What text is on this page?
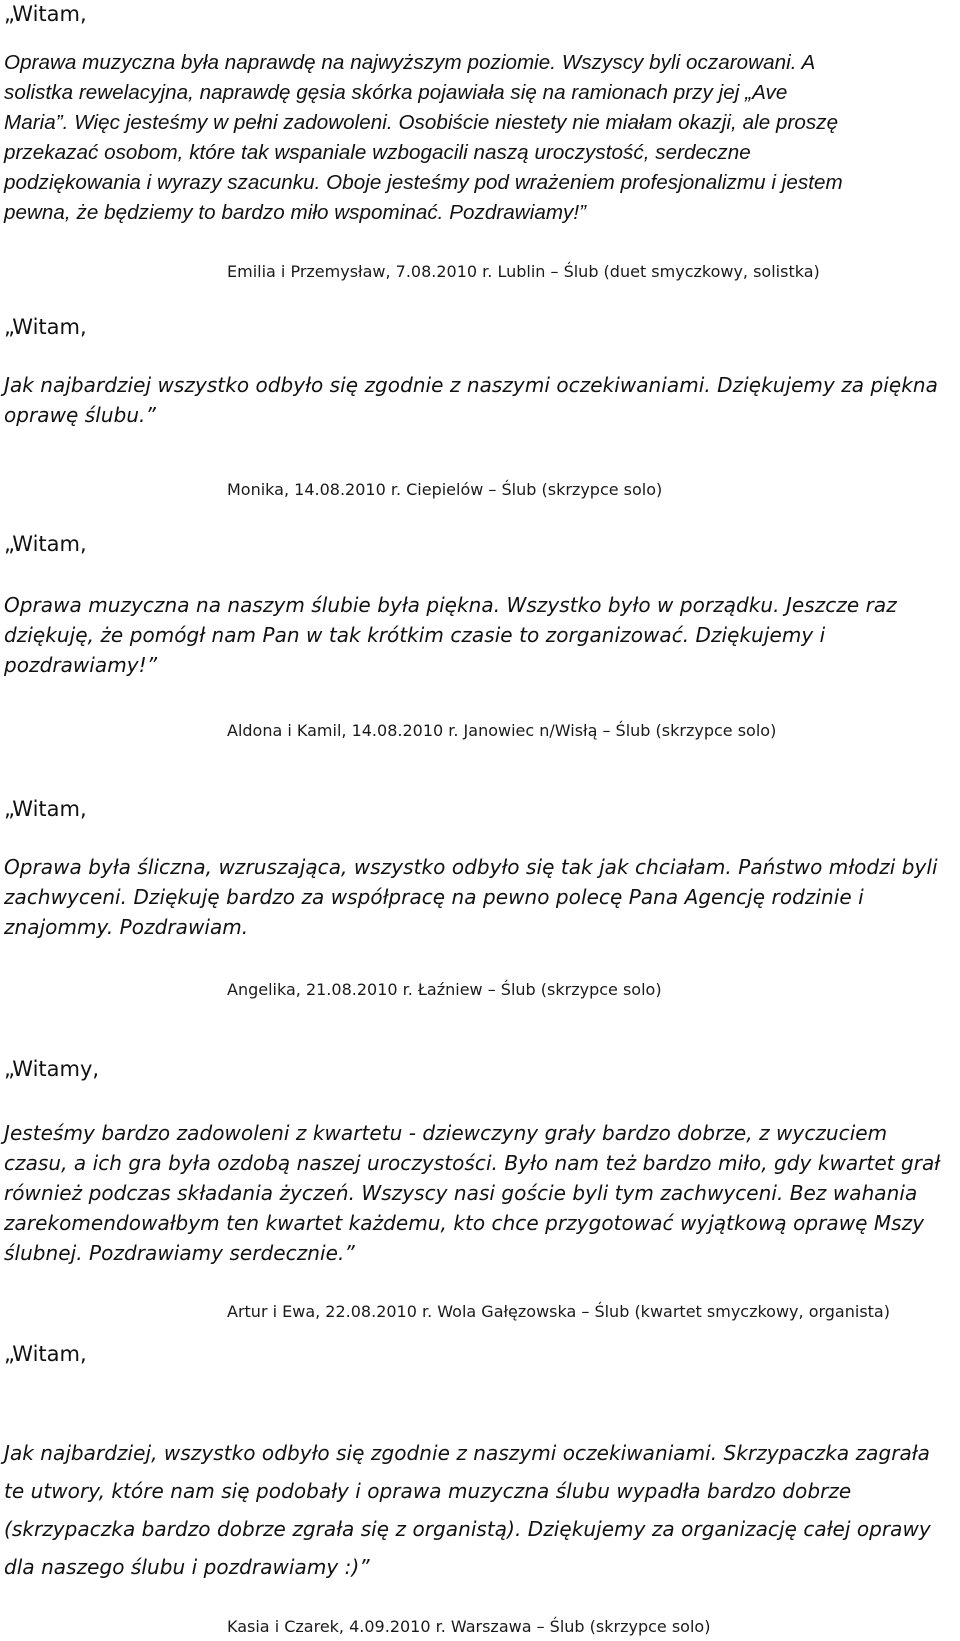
„Witam,
Oprawa muzyczna była naprawdę na najwyższym poziomie. Wszyscy byli oczarowani. A
solistka rewelacyjna, naprawdę gęsia skórka pojawiała się na ramionach przy jej „Ave
Maria”. Więc jesteśmy w pełni zadowoleni. Osobiście niestety nie miałam okazji, ale proszę
przekazać osobom, które tak wspaniale wzbogacili naszą uroczystość, serdeczne
podziękowania i wyrazy szacunku. Oboje jesteśmy pod wrażeniem profesjonalizmu i jestem
pewna, że będziemy to bardzo miło wspominać. Pozdrawiamy!”
Emilia i Przemysław, 7.08.2010 r. Lublin – Ślub (duet smyczkowy, solistka)
„Witam,
Jak najbardziej wszystko odbyło się zgodnie z naszymi oczekiwaniami. Dziękujemy za piękna
oprawę ślubu.”
Monika, 14.08.2010 r. Ciepielów – Ślub (skrzypce solo)
„Witam,
Oprawa muzyczna na naszym ślubie była piękna. Wszystko było w porządku. Jeszcze raz
dziękuję, że pomógł nam Pan w tak krótkim czasie to zorganizować. Dziękujemy i
pozdrawiamy!”
Aldona i Kamil, 14.08.2010 r. Janowiec n/Wisłą – Ślub (skrzypce solo)
„Witam,
Oprawa była śliczna, wzruszająca, wszystko odbyło się tak jak chciałam. Państwo młodzi byli
zachwyceni. Dziękuję bardzo za współpracę na pewno polecę Pana Agencję rodzinie i
znajommy. Pozdrawiam.
Angelika, 21.08.2010 r. Łaźniew – Ślub (skrzypce solo)
„Witamy,
Jesteśmy bardzo zadowoleni z kwartetu - dziewczyny grały bardzo dobrze, z wyczuciem
czasu, a ich gra była ozdobą naszej uroczystości. Było nam też bardzo miło, gdy kwartet grał
również podczas składania życzeń. Wszyscy nasi goście byli tym zachwyceni. Bez wahania
zarekomendowałbym ten kwartet każdemu, kto chce przygotować wyjątkową oprawę Mszy
ślubnej. Pozdrawiamy serdecznie.”
Artur i Ewa, 22.08.2010 r. Wola Gałęzowska – Ślub (kwartet smyczkowy, organista)
„Witam,
Jak najbardziej, wszystko odbyło się zgodnie z naszymi oczekiwaniami. Skrzypaczka zagrała
te utwory, które nam się podobały i oprawa muzyczna ślubu wypadła bardzo dobrze
(skrzypaczka bardzo dobrze zgrała się z organistą). Dziękujemy za organizację całej oprawy
dla naszego ślubu i pozdrawiamy :)”
Kasia i Czarek, 4.09.2010 r. Warszawa – Ślub (skrzypce solo)
